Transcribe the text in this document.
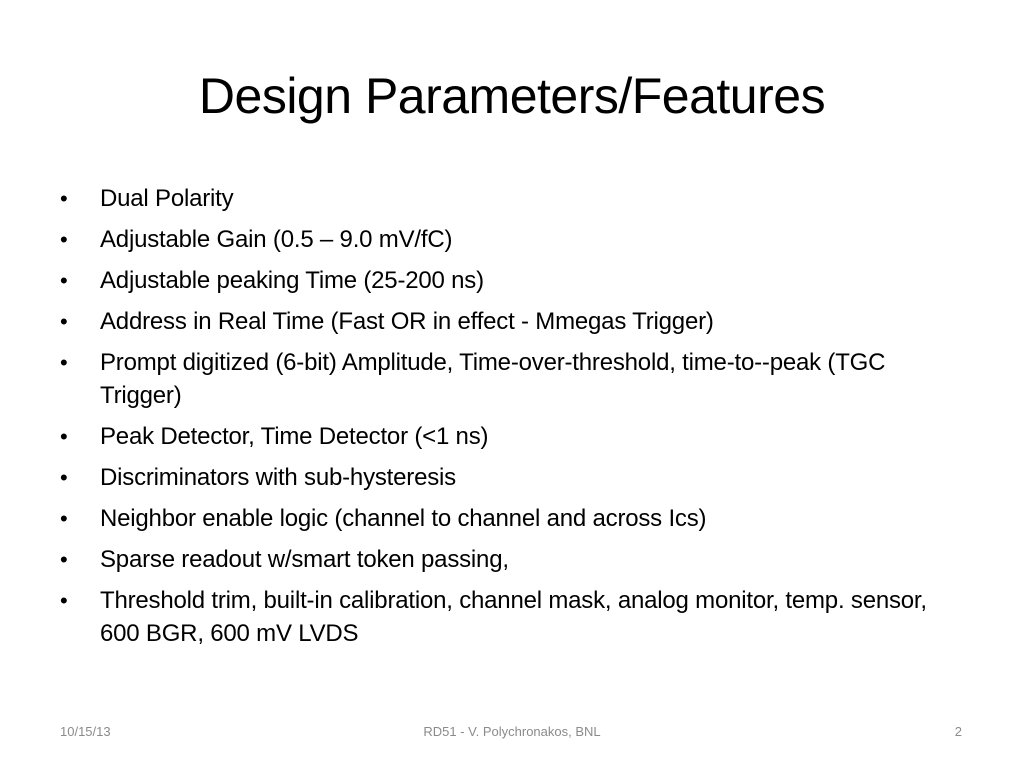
Design Parameters/Features
• Dual Polarity
• Adjustable Gain (0.5 – 9.0 mV/fC)
• Adjustable peaking Time (25-200 ns)
• Address in Real Time (Fast OR in effect - Mmegas Trigger)
• Prompt digitized (6-bit) Amplitude, Time-over-threshold, time-to--peak (TGC Trigger)
• Peak Detector, Time Detector (<1 ns)
• Discriminators with sub-hysteresis
• Neighbor enable logic (channel to channel and across Ics)
• Sparse readout w/smart token passing,
• Threshold trim, built-in calibration, channel mask, analog monitor, temp. sensor, 600 BGR, 600 mV LVDS
10/15/13	RD51 - V. Polychronakos, BNL	2
